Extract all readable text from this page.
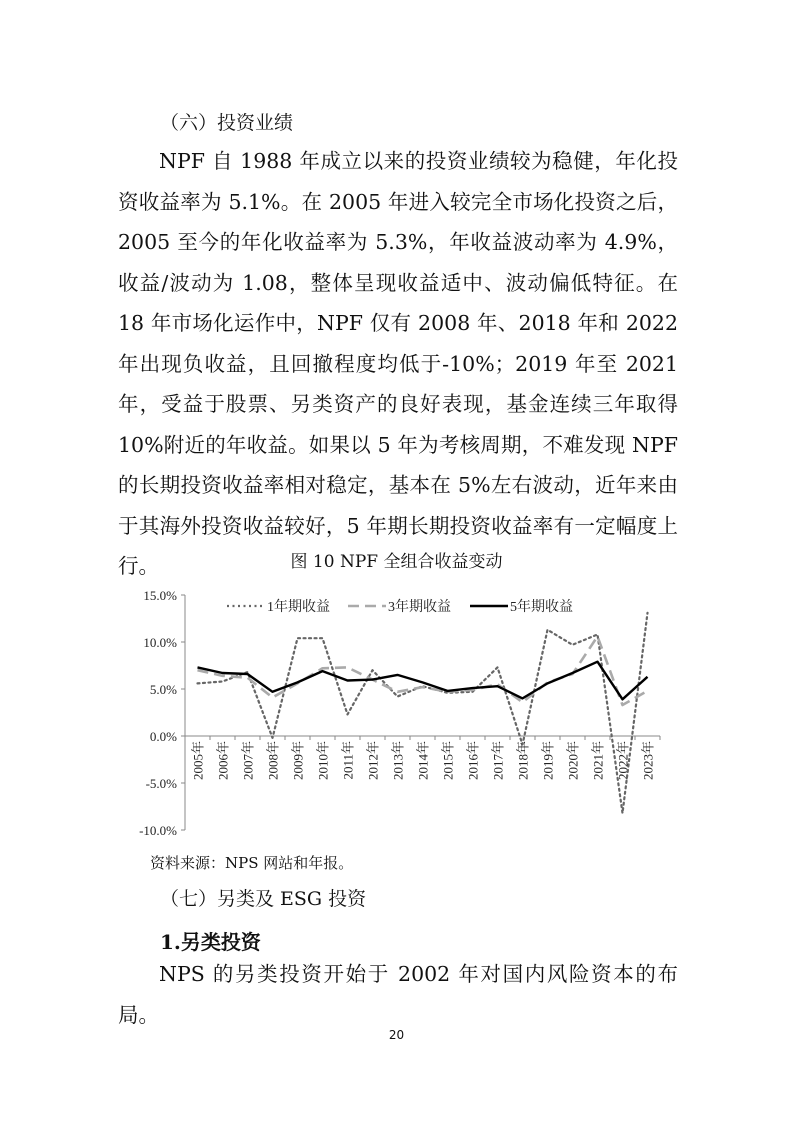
（六）投资业绩

NPF 自 1988 年成立以来的投资业绩较为稳健，年化投资收益率为 5.1%。在 2005 年进入较完全市场化投资之后，2005 至今的年化收益率为 5.3%，年收益波动率为 4.9%，收益/波动为 1.08，整体呈现收益适中、波动偏低特征。在 18 年市场化运作中，NPF 仅有 2008 年、2018 年和 2022 年出现负收益，且回撤程度均低于-10%；2019 年至 2021 年，受益于股票、另类资产的良好表现，基金连续三年取得 10%附近的年收益。如果以 5 年为考核周期，不难发现 NPF 的长期投资收益率相对稳定，基本在 5%左右波动，近年来由于其海外投资收益较好，5 年期长期投资收益率有一定幅度上行。	图 10 NPF 全组合收益变动
15.0%
10.0%
5.0%
0.0%
-5.0%
-10.0%
2005年 2006年 2007年 2008年 2009年 2010年 2011年 2012年 2013年 2014年 2015年 2016年 2017年 2018年 2019年 2020年 2021年 2022年 2023年
1年期收益	3年期收益	5年期收益
资料来源：NPS 网站和年报。
（七）另类及 ESG 投资
1.另类投资

NPS 的另类投资开始于 2002 年对国内风险资本的布局。

20
